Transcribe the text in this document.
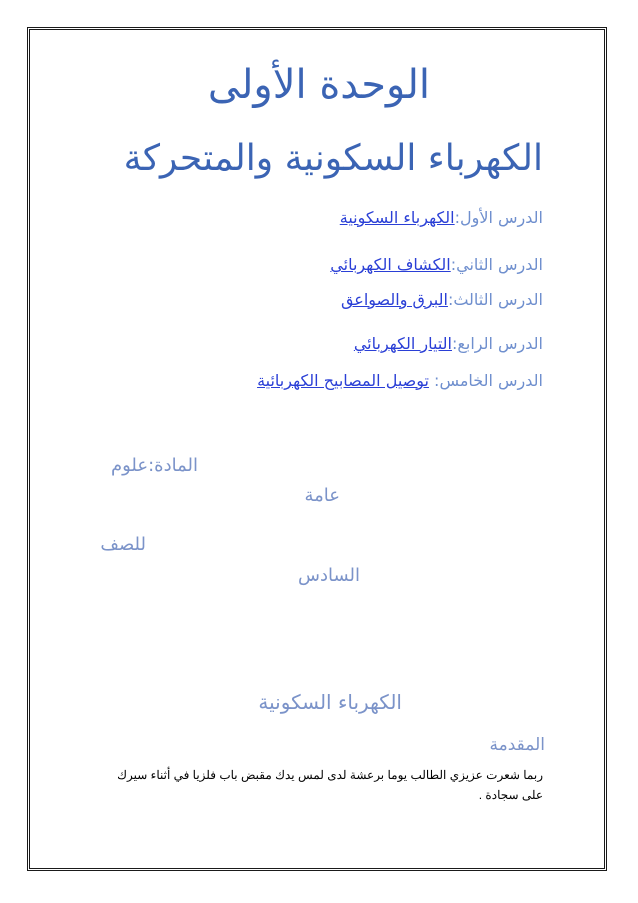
الوحدة الأولى
الكهرباء السكونية والمتحركة
الدرس الأول:الكهرباء السكونية
الدرس الثاني:الكشاف الكهربائي
الدرس الثالث:البرق والصواعق
الدرس الرابع:التيار الكهربائي
الدرس الخامس: توصيل المصابيح الكهربائية
المادة:علوم
عامة
للصف
السادس
الكهرباء السكونية
المقدمة
ربما شعرت عزيزي الطالب يوما برعشة لدى لمس يدك مقبض باب فلزيا في أثناء سيرك على سجادة .
